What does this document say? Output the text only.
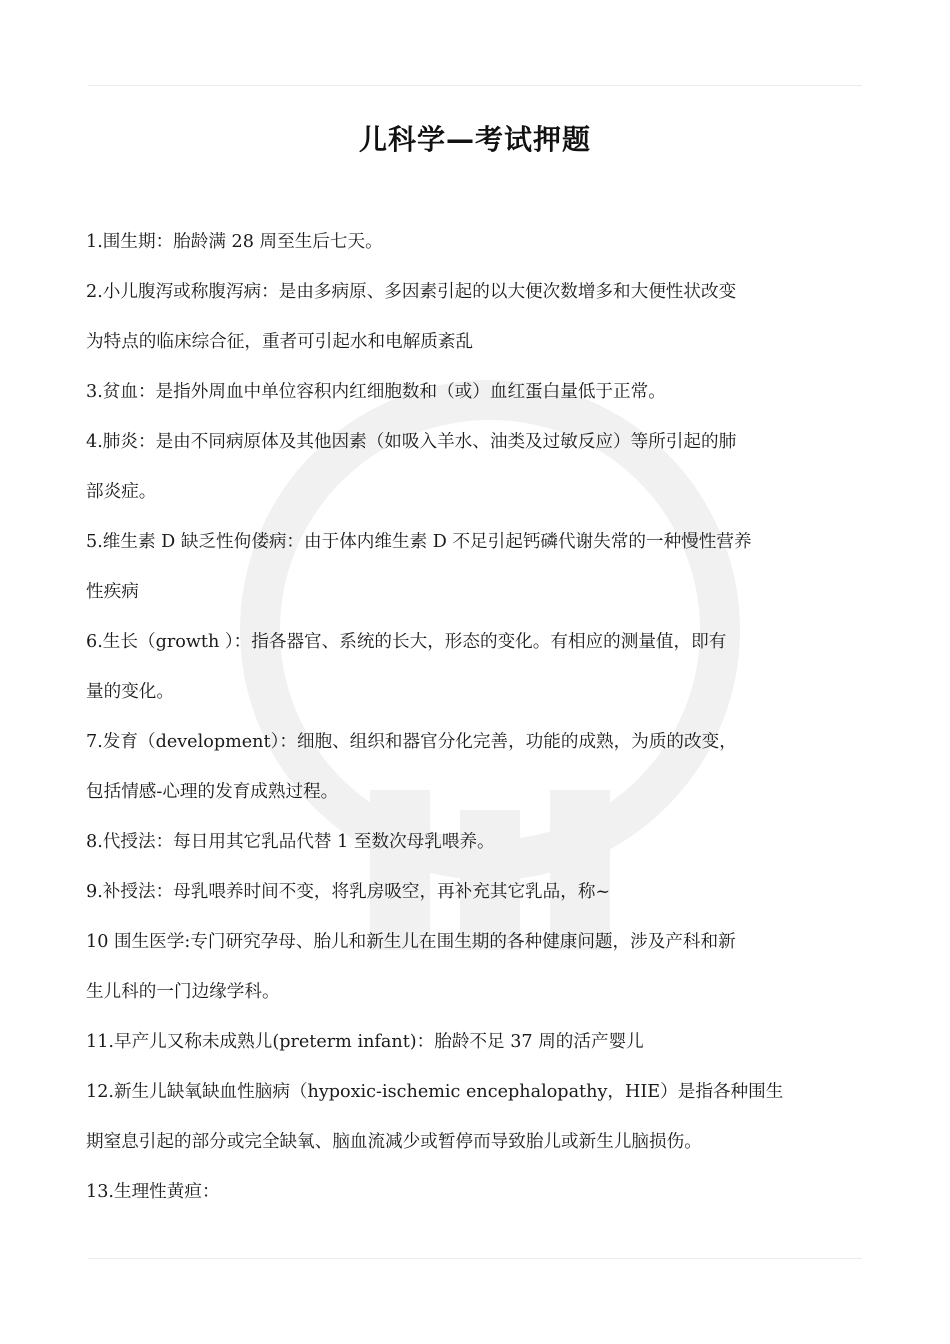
儿科学—考试押题
1.围生期：胎龄满 28 周至生后七天。
2.小儿腹泻或称腹泻病：是由多病原、多因素引起的以大便次数增多和大便性状改变
为特点的临床综合征，重者可引起水和电解质紊乱
3.贫血：是指外周血中单位容积内红细胞数和（或）血红蛋白量低于正常。
4.肺炎：是由不同病原体及其他因素（如吸入羊水、油类及过敏反应）等所引起的肺
部炎症。
5.维生素 D 缺乏性佝偻病：由于体内维生素 D 不足引起钙磷代谢失常的一种慢性营养
性疾病
6.生长（growth ）：指各器官、系统的长大，形态的变化。有相应的测量值，即有
量的变化。
7.发育（development）：细胞、组织和器官分化完善，功能的成熟，为质的改变，
包括情感-心理的发育成熟过程。
8.代授法：每日用其它乳品代替 1 至数次母乳喂养。
9.补授法：母乳喂养时间不变，将乳房吸空，再补充其它乳品，称~
10 围生医学:专门研究孕母、胎儿和新生儿在围生期的各种健康问题，涉及产科和新
生儿科的一门边缘学科。
11.早产儿又称未成熟儿(preterm infant)：胎龄不足 37 周的活产婴儿
12.新生儿缺氧缺血性脑病（hypoxic-ischemic encephalopathy，HIE）是指各种围生
期窒息引起的部分或完全缺氧、脑血流减少或暂停而导致胎儿或新生儿脑损伤。
13.生理性黄疸：
